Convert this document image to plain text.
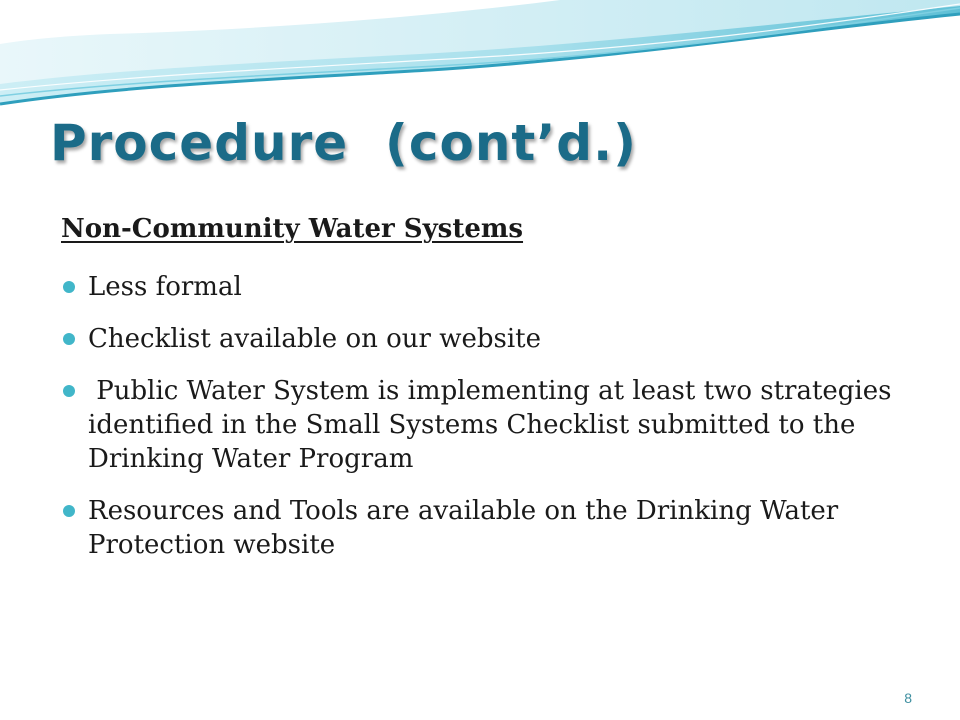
Procedure  (cont’d.)
Non-Community Water Systems
Less formal
Checklist available on our website
Public Water System is implementing at least two strategies identified in the Small Systems Checklist submitted to the Drinking Water Program
Resources and Tools are available on the Drinking Water Protection website
8
